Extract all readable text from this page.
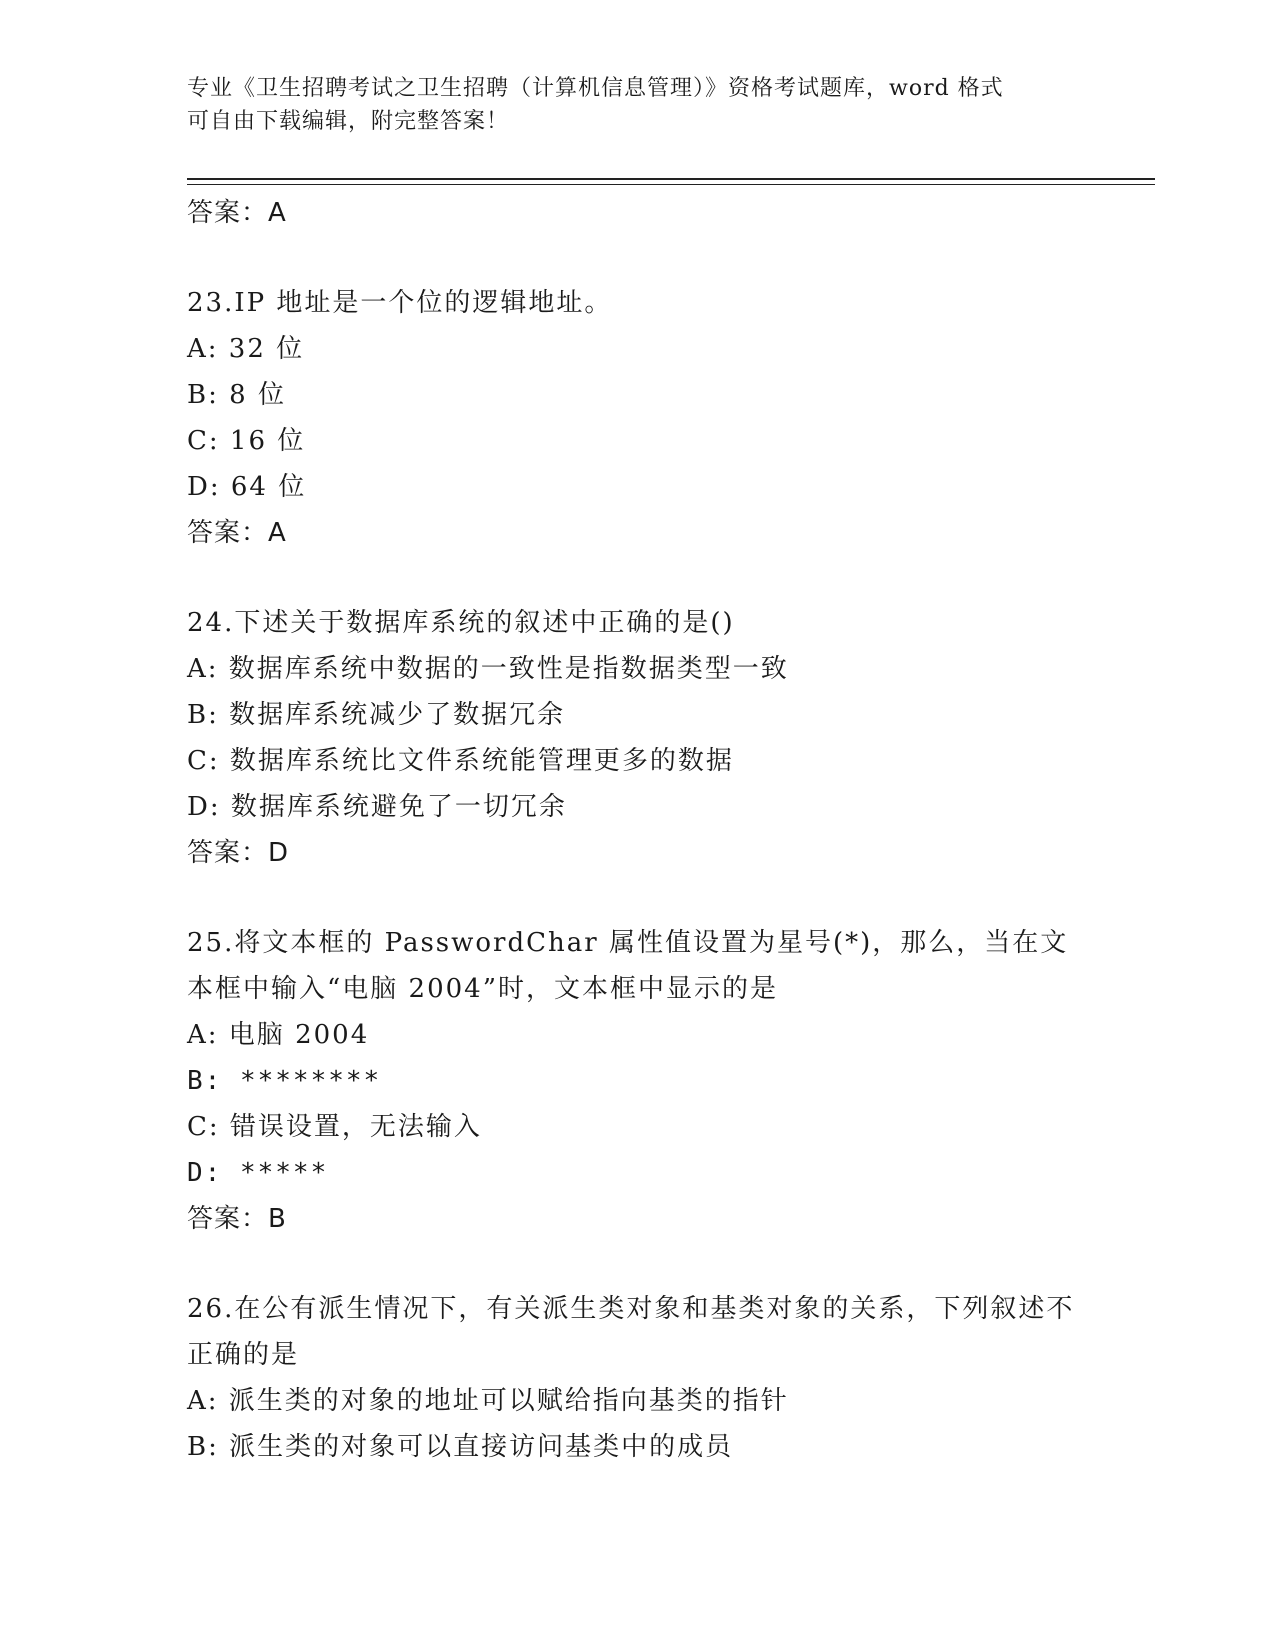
专业《卫生招聘考试之卫生招聘（计算机信息管理）》资格考试题库，word 格式
可自由下载编辑，附完整答案！
答案：A
23.IP 地址是一个位的逻辑地址。
A: 32 位
B: 8 位
C: 16 位
D: 64 位
答案：A
24.下述关于数据库系统的叙述中正确的是()
A: 数据库系统中数据的一致性是指数据类型一致
B: 数据库系统减少了数据冗余
C: 数据库系统比文件系统能管理更多的数据
D: 数据库系统避免了一切冗余
答案：D
25.将文本框的 PasswordChar 属性值设置为星号(*)，那么，当在文本框中输入“电脑 2004”时，文本框中显示的是
A: 电脑 2004
B: ********
C: 错误设置，无法输入
D: *****
答案：B
26.在公有派生情况下，有关派生类对象和基类对象的关系，下列叙述不正确的是
A: 派生类的对象的地址可以赋给指向基类的指针
B: 派生类的对象可以直接访问基类中的成员
